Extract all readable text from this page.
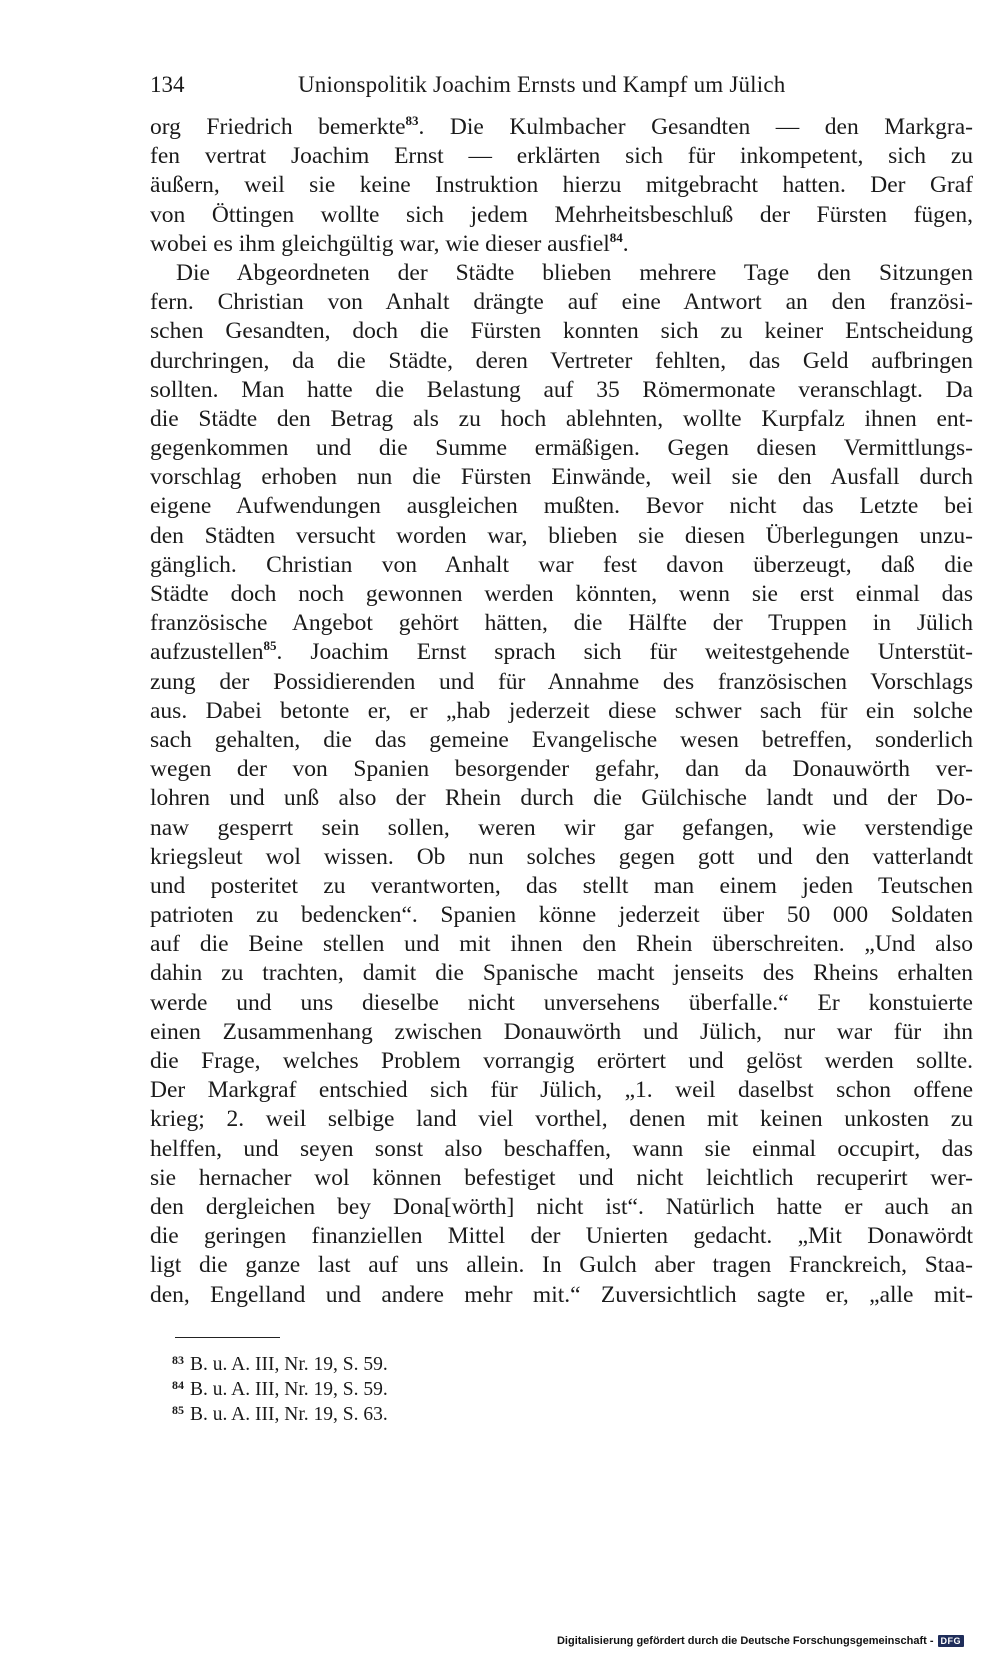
134	Unionspolitik Joachim Ernsts und Kampf um Jülich
org Friedrich bemerkte$^{83}$. Die Kulmbacher Gesandten — den Markgra-
fen vertrat Joachim Ernst — erklärten sich für inkompetent, sich zu
äußern, weil sie keine Instruktion hierzu mitgebracht hatten. Der Graf
von Öttingen wollte sich jedem Mehrheitsbeschluß der Fürsten fügen,
wobei es ihm gleichgültig war, wie dieser ausfiel$^{84}$.
Die Abgeordneten der Städte blieben mehrere Tage den Sitzungen
fern. Christian von Anhalt drängte auf eine Antwort an den französi-
schen Gesandten, doch die Fürsten konnten sich zu keiner Entscheidung
durchringen, da die Städte, deren Vertreter fehlten, das Geld aufbringen
sollten. Man hatte die Belastung auf 35 Römermonate veranschlagt. Da
die Städte den Betrag als zu hoch ablehnten, wollte Kurpfalz ihnen ent-
gegenkommen und die Summe ermäßigen. Gegen diesen Vermittlungs-
vorschlag erhoben nun die Fürsten Einwände, weil sie den Ausfall durch
eigene Aufwendungen ausgleichen mußten. Bevor nicht das Letzte bei
den Städten versucht worden war, blieben sie diesen Überlegungen unzu-
gänglich. Christian von Anhalt war fest davon überzeugt, daß die
Städte doch noch gewonnen werden könnten, wenn sie erst einmal das
französische Angebot gehört hätten, die Hälfte der Truppen in Jülich
aufzustellen$^{85}$. Joachim Ernst sprach sich für weitestgehende Unterstüt-
zung der Possidierenden und für Annahme des französischen Vorschlags
aus. Dabei betonte er, er „hab jederzeit diese schwer sach für ein solche
sach gehalten, die das gemeine Evangelische wesen betreffen, sonderlich
wegen der von Spanien besorgender gefahr, dan da Donauwörth ver-
lohren und unß also der Rhein durch die Gülchische landt und der Do-
naw gesperrt sein sollen, weren wir gar gefangen, wie verstendige
kriegsleut wol wissen. Ob nun solches gegen gott und den vatterlandt
und posteritet zu verantworten, das stellt man einem jeden Teutschen
patrioten zu bedencken“. Spanien könne jederzeit über 50 000 Soldaten
auf die Beine stellen und mit ihnen den Rhein überschreiten. „Und also
dahin zu trachten, damit die Spanische macht jenseits des Rheins erhalten
werde und uns dieselbe nicht unversehens überfalle.“ Er konstuierte
einen Zusammenhang zwischen Donauwörth und Jülich, nur war für ihn
die Frage, welches Problem vorrangig erörtert und gelöst werden sollte.
Der Markgraf entschied sich für Jülich, „1. weil daselbst schon offene
krieg; 2. weil selbige land viel vorthel, denen mit keinen unkosten zu
helffen, und seyen sonst also beschaffen, wann sie einmal occupirt, das
sie hernacher wol können befestiget und nicht leichtlich recuperirt wer-
den dergleichen bey Dona[wörth] nicht ist“. Natürlich hatte er auch an
die geringen finanziellen Mittel der Unierten gedacht. „Mit Donawördt
ligt die ganze last auf uns allein. In Gulch aber tragen Franckreich, Staa-
den, Engelland und andere mehr mit.“ Zuversichtlich sagte er, „alle mit-
$^{83}$ B. u. A. III, Nr. 19, S. 59.
$^{84}$ B. u. A. III, Nr. 19, S. 59.
$^{85}$ B. u. A. III, Nr. 19, S. 63.
Digitalisierung gefördert durch die Deutsche Forschungsgemeinschaft - DFG
